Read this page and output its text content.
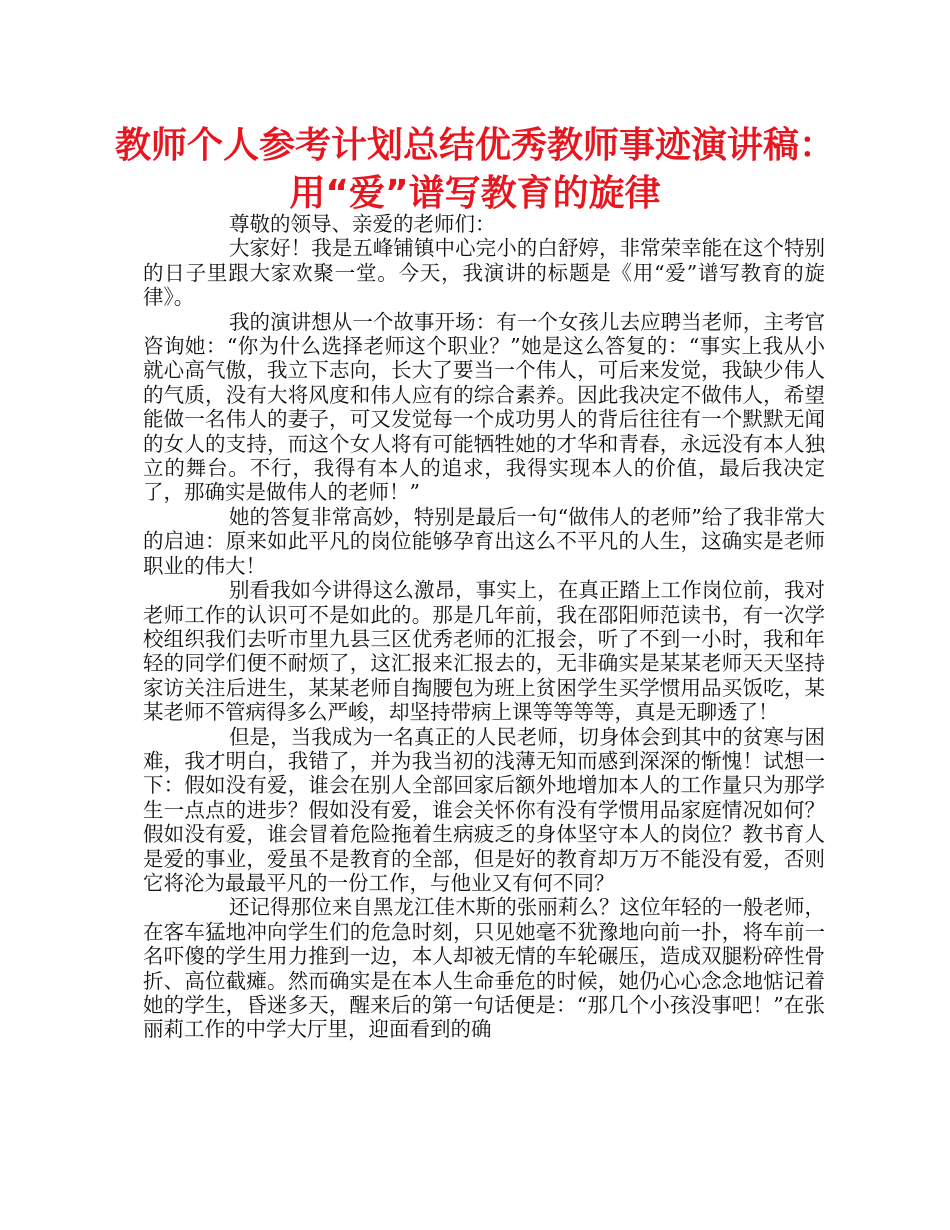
教师个人参考计划总结优秀教师事迹演讲稿：用“爱”谱写教育的旋律

尊敬的领导、亲爱的老师们：

大家好！我是五峰铺镇中心完小的白舒婷，非常荣幸能在这个特别的日子里跟大家欢聚一堂。今天，我演讲的标题是《用“爱”谱写教育的旋律》。

我的演讲想从一个故事开场：有一个女孩儿去应聘当老师，主考官咨询她：“你为什么选择老师这个职业？”她是这么答复的：“事实上我从小就心高气傲，我立下志向，长大了要当一个伟人，可后来发觉，我缺少伟人的气质，没有大将风度和伟人应有的综合素养。因此我决定不做伟人，希望能做一名伟人的妻子，可又发觉每一个成功男人的背后往往有一个默默无闻的女人的支持，而这个女人将有可能牺牲她的才华和青春，永远没有本人独立的舞台。不行，我得有本人的追求，我得实现本人的价值，最后我决定了，那确实是做伟人的老师！”

她的答复非常高妙，特别是最后一句“做伟人的老师”给了我非常大的启迪：原来如此平凡的岗位能够孕育出这么不平凡的人生，这确实是老师职业的伟大！

别看我如今讲得这么激昂，事实上，在真正踏上工作岗位前，我对老师工作的认识可不是如此的。那是几年前，我在邵阳师范读书，有一次学校组织我们去听市里九县三区优秀老师的汇报会，听了不到一小时，我和年轻的同学们便不耐烦了，这汇报来汇报去的，无非确实是某某老师天天坚持家访关注后进生，某某老师自掏腰包为班上贫困学生买学惯用品买饭吃，某某老师不管病得多么严峻，却坚持带病上课等等等等，真是无聊透了！

但是，当我成为一名真正的人民老师，切身体会到其中的贫寒与困难，我才明白，我错了，并为我当初的浅薄无知而感到深深的惭愧！试想一下：假如没有爱，谁会在别人全部回家后额外地增加本人的工作量只为那学生一点点的进步？假如没有爱，谁会关怀你有没有学惯用品家庭情况如何？假如没有爱，谁会冒着危险拖着生病疲乏的身体坚守本人的岗位？教书育人是爱的事业，爱虽不是教育的全部，但是好的教育却万万不能没有爱，否则它将沦为最最平凡的一份工作，与他业又有何不同？

还记得那位来自黑龙江佳木斯的张丽莉么？这位年轻的一般老师，在客车猛地冲向学生们的危急时刻，只见她毫不犹豫地向前一扑，将车前一名吓傻的学生用力推到一边，本人却被无情的车轮碾压，造成双腿粉碎性骨折、高位截瘫。然而确实是在本人生命垂危的时候，她仍心心念念地惦记着她的学生，昏迷多天，醒来后的第一句话便是：“那几个小孩没事吧！”在张丽莉工作的中学大厅里，迎面看到的确
